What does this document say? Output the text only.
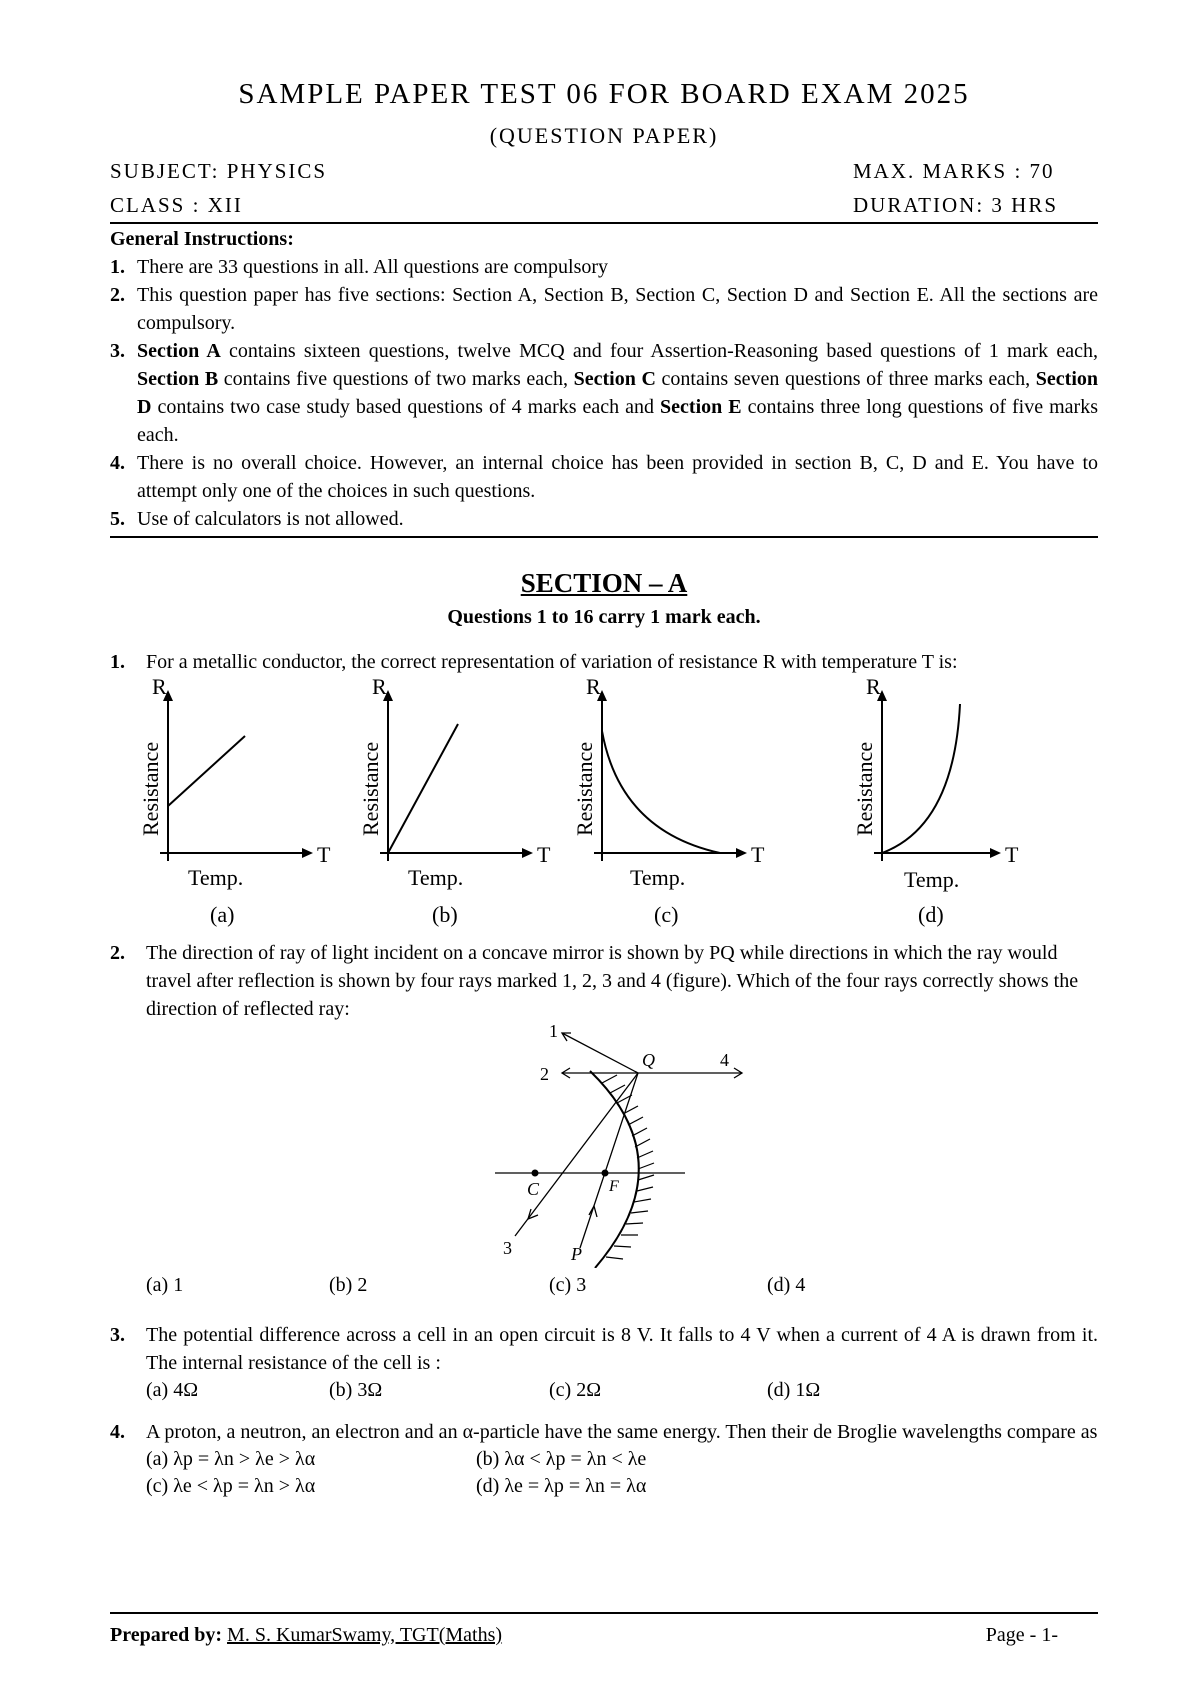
SAMPLE PAPER TEST 06 FOR BOARD EXAM 2025
(QUESTION PAPER)
SUBJECT: PHYSICS	MAX. MARKS : 70
CLASS : XII	DURATION: 3 HRS
General Instructions:
1. There are 33 questions in all. All questions are compulsory
2. This question paper has five sections: Section A, Section B, Section C, Section D and Section E. All the sections are compulsory.
3. Section A contains sixteen questions, twelve MCQ and four Assertion-Reasoning based questions of 1 mark each, Section B contains five questions of two marks each, Section C contains seven questions of three marks each, Section D contains two case study based questions of 4 marks each and Section E contains three long questions of five marks each.
4. There is no overall choice. However, an internal choice has been provided in section B, C, D and E. You have to attempt only one of the choices in such questions.
5. Use of calculators is not allowed.
SECTION – A
Questions 1 to 16 carry 1 mark each.
1.	For a metallic conductor, the correct representation of variation of resistance R with temperature T is:
R
T
Resistance
Temp.
(a)
R
T
Resistance
Temp.
(b)
R
T
Resistance
Temp.
(c)
R
T
Resistance
Temp.
(d)
2.	The direction of ray of light incident on a concave mirror is shown by PQ while directions in which the ray would travel after reflection is shown by four rays marked 1, 2, 3 and 4 (figure). Which of the four rays correctly shows the direction of reflected ray:
1
2
4
Q
C	F
3	P
(a) 1	(b) 2	(c) 3	(d) 4
3.	The potential difference across a cell in an open circuit is 8 V. It falls to 4 V when a current of 4 A is drawn from it. The internal resistance of the cell is :
(a) 4Ω	(b) 3Ω	(c) 2Ω	(d) 1Ω
4.	A proton, a neutron, an electron and an α-particle have the same energy. Then their de Broglie wavelengths compare as
(a) λp = λn > λe > λα	(b) λα < λp = λn < λe
(c) λe < λp = λn > λα	(d) λe = λp = λn = λα
Prepared by: M. S. KumarSwamy, TGT(Maths)	Page - 1-
